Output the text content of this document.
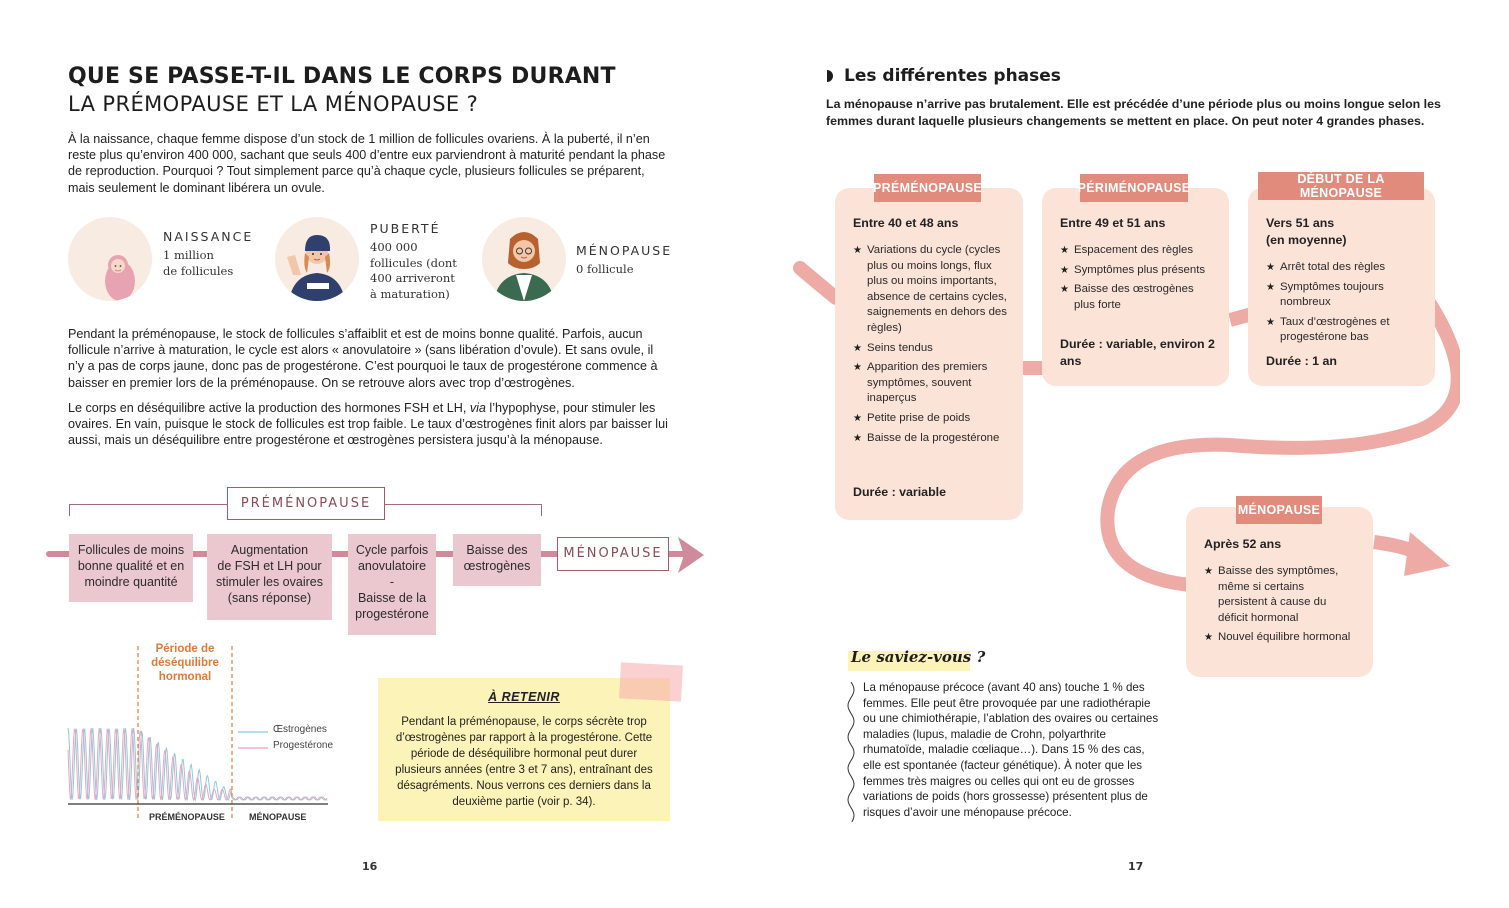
QUE SE PASSE-T-IL DANS LE CORPS DURANT
LA PRÉMOPAUSE ET LA MÉNOPAUSE ?

À la naissance, chaque femme dispose d’un stock de 1 million de follicules ovariens. À la puberté, il n’en reste plus qu’environ 400 000, sachant que seuls 400 d’entre eux parviendront à maturité pendant la phase de reproduction. Pourquoi ? Tout simplement parce qu’à chaque cycle, plusieurs follicules se préparent, mais seulement le dominant libérera un ovule.

NAISSANCE
1 million
de follicules
PUBERTÉ
400 000
follicules (dont
400 arriveront
à maturation)
MÉNOPAUSE
0 follicule

Pendant la préménopause, le stock de follicules s’affaiblit et est de moins bonne qualité. Parfois, aucun follicule n’arrive à maturation, le cycle est alors « anovulatoire » (sans libération d’ovule). Et sans ovule, il n’y a pas de corps jaune, donc pas de progestérone. C’est pourquoi le taux de progestérone commence à baisser en premier lors de la préménopause. On se retrouve alors avec trop d’œstrogènes.

Le corps en déséquilibre active la production des hormones FSH et LH, via l’hypophyse, pour stimuler les ovaires. En vain, puisque le stock de follicules est trop faible. Le taux d’œstrogènes finit alors par baisser lui aussi, mais un déséquilibre entre progestérone et œstrogènes persistera jusqu’à la ménopause.

PRÉMÉNOPAUSE
Follicules de moins
bonne qualité et en
moindre quantité
Augmentation
de FSH et LH pour
stimuler les ovaires
(sans réponse)
Cycle parfois
anovulatoire
-
Baisse de la
progestérone
Baisse des
œstrogènes
MÉNOPAUSE
Période de
déséquilibre
hormonal
Œstrogènes
Progestérone
PRÉMÉNOPAUSE	MÉNOPAUSE
À RETENIR
Pendant la préménopause, le corps sécrète trop d’œstrogènes par rapport à la progestérone. Cette période de déséquilibre hormonal peut durer plusieurs années (entre 3 et 7 ans), entraînant des désagréments. Nous verrons ces derniers dans la deuxième partie (voir p. 34).
16
Les différentes phases

La ménopause n’arrive pas brutalement. Elle est précédée d’une période plus ou moins longue selon les femmes durant laquelle plusieurs changements se mettent en place. On peut noter 4 grandes phases.

Entre 40 et 48 ans
★ Variations du cycle (cycles plus ou moins longs, flux plus ou moins importants, absence de certains cycles, saignements en dehors des règles)
★ Seins tendus
★ Apparition des premiers symptômes, souvent inaperçus
★ Petite prise de poids
★ Baisse de la progestérone
Durée : variable
PRÉMÉNOPAUSE
Entre 49 et 51 ans
★ Espacement des règles
★ Symptômes plus présents
★ Baisse des œstrogènes plus forte
Durée : variable, environ 2 ans
PÉRIMÉNOPAUSE
Vers 51 ans
(en moyenne)
★ Arrêt total des règles
★ Symptômes toujours nombreux
★ Taux d’œstrogènes et progestérone bas
Durée : 1 an
DÉBUT DE LA MÉNOPAUSE
Après 52 ans
★ Baisse des symptômes, même si certains persistent à cause du déficit hormonal
★ Nouvel équilibre hormonal
MÉNOPAUSE
Le saviez-vous ?

La ménopause précoce (avant 40 ans) touche 1 % des femmes. Elle peut être provoquée par une radiothérapie ou une chimiothérapie, l’ablation des ovaires ou certaines maladies (lupus, maladie de Crohn, polyarthrite rhumatoïde, maladie cœliaque…). Dans 15 % des cas, elle est spontanée (facteur génétique). À noter que les femmes très maigres ou celles qui ont eu de grosses variations de poids (hors grossesse) présentent plus de risques d’avoir une ménopause précoce.

17
